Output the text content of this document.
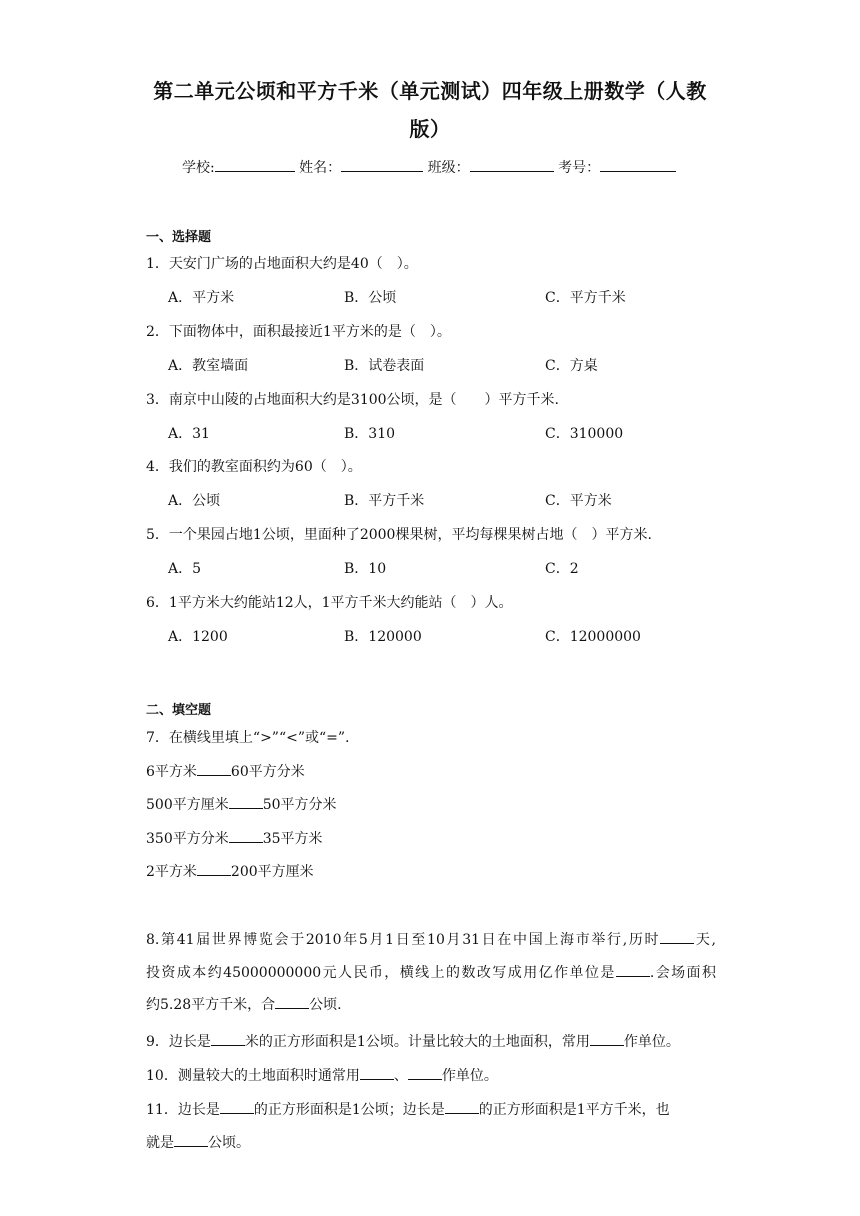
第二单元公顷和平方千米（单元测试）四年级上册数学（人教版）
学校:	姓名：	班级：	考号：
一、选择题
1．天安门广场的占地面积大约是40（　）。
A．平方米	B．公顷	C．平方千米
2．下面物体中，面积最接近1平方米的是（　）。
A．教室墙面	B．试卷表面	C．方桌
3．南京中山陵的占地面积大约是3100公顷，是（　　）平方千米.
A．31	B．310	C．310000
4．我们的教室面积约为60（　）。
A．公顷	B．平方千米	C．平方米
5．一个果园占地1公顷，里面种了2000棵果树，平均每棵果树占地（　）平方米.
A．5	B．10	C．2
6．1平方米大约能站12人，1平方千米大约能站（　）人。
A．1200	B．120000	C．12000000
二、填空题
7．在横线里填上“>”“<”或“=”.
6平方米 60平方分米
500平方厘米 50平方分米
350平方分米 35平方米
2平方米 200平方厘米
8.第41届世界博览会于2010年5月1日至10月31日在中国上海市举行,历时 天,
投资成本约45000000000元人民币，横线上的数改写成用亿作单位是 .会场面积
约5.28平方千米，合 公顷.
9．边长是 米的正方形面积是1公顷。计量比较大的土地面积，常用 作单位。
10．测量较大的土地面积时通常用 、 作单位。
11．边长是 的正方形面积是1公顷；边长是 的正方形面积是1平方千米，也
就是 公顷。
